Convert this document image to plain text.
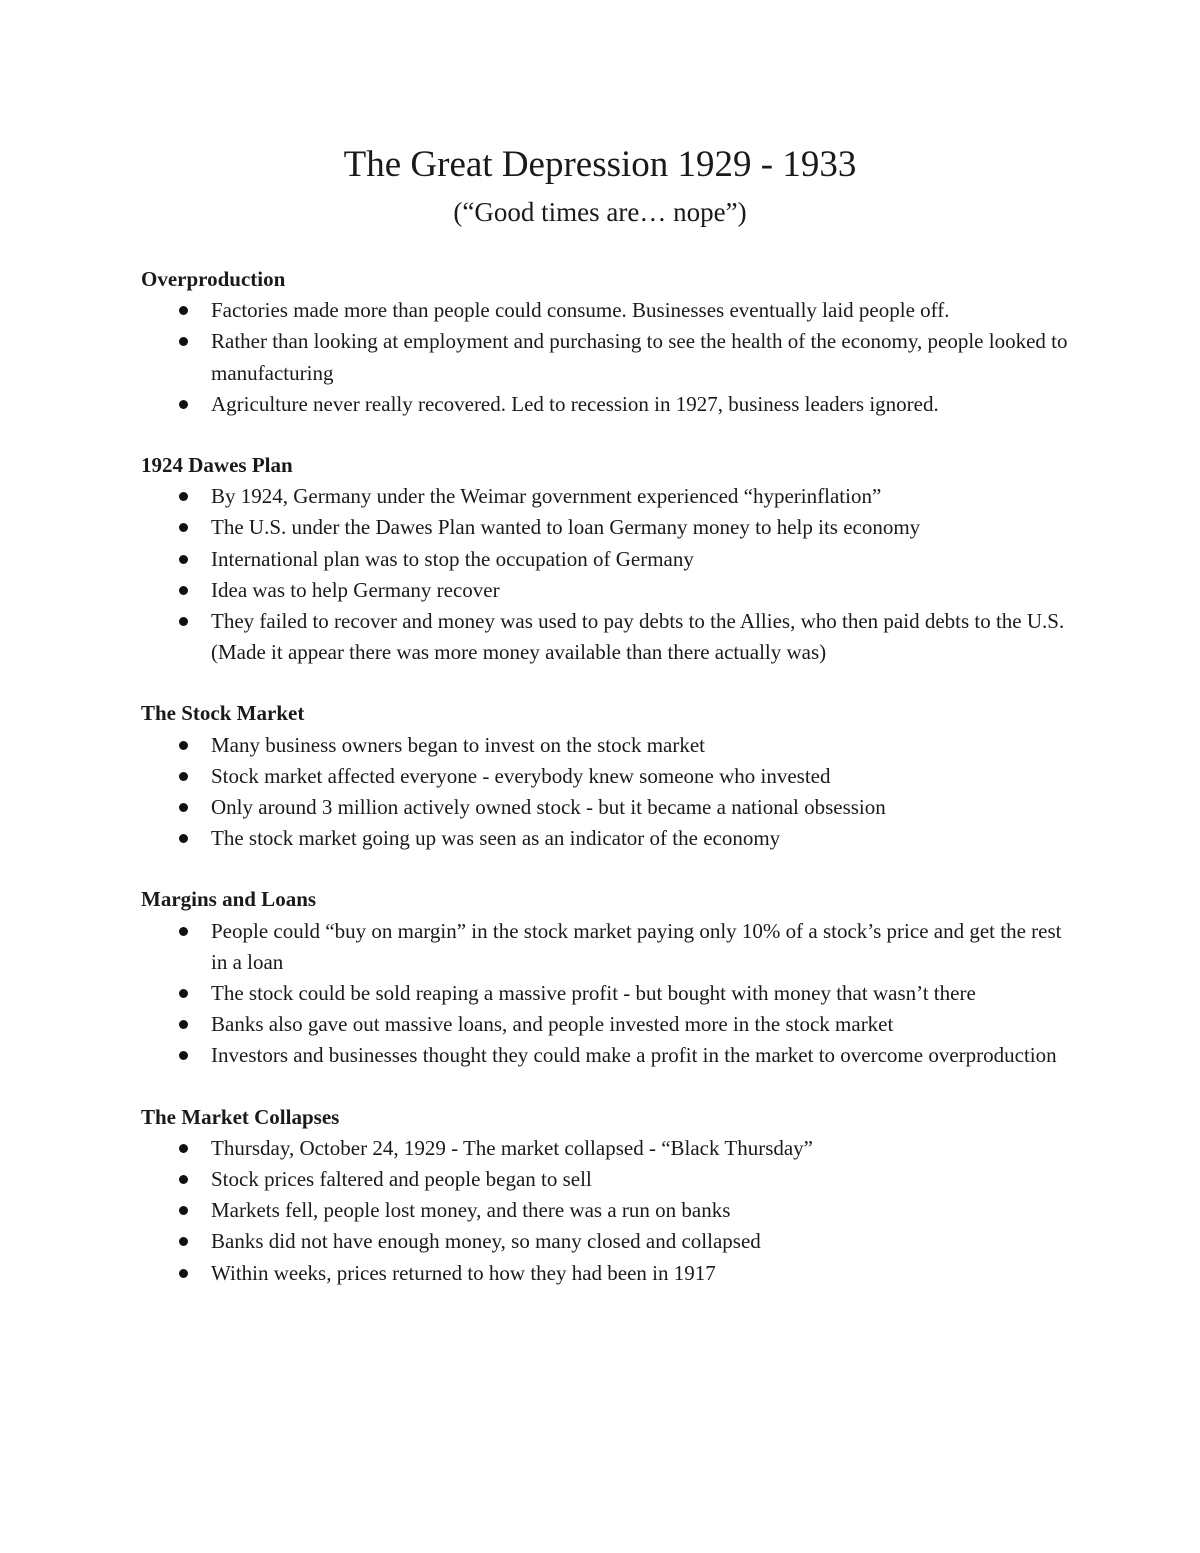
The Great Depression 1929 - 1933

(“Good times are… nope”)

Overproduction

Factories made more than people could consume. Businesses eventually laid people off.
Rather than looking at employment and purchasing to see the health of the economy, people looked to manufacturing
Agriculture never really recovered. Led to recession in 1927, business leaders ignored.

1924 Dawes Plan

By 1924, Germany under the Weimar government experienced “hyperinflation”
The U.S. under the Dawes Plan wanted to loan Germany money to help its economy
International plan was to stop the occupation of Germany
Idea was to help Germany recover
They failed to recover and money was used to pay debts to the Allies, who then paid debts to the U.S. (Made it appear there was more money available than there actually was)

The Stock Market

Many business owners began to invest on the stock market
Stock market affected everyone - everybody knew someone who invested
Only around 3 million actively owned stock - but it became a national obsession
The stock market going up was seen as an indicator of the economy

Margins and Loans

People could “buy on margin” in the stock market paying only 10% of a stock’s price and get the rest in a loan
The stock could be sold reaping a massive profit - but bought with money that wasn’t there
Banks also gave out massive loans, and people invested more in the stock market
Investors and businesses thought they could make a profit in the market to overcome overproduction

The Market Collapses

Thursday, October 24, 1929 - The market collapsed - “Black Thursday”
Stock prices faltered and people began to sell
Markets fell, people lost money, and there was a run on banks
Banks did not have enough money, so many closed and collapsed
Within weeks, prices returned to how they had been in 1917
